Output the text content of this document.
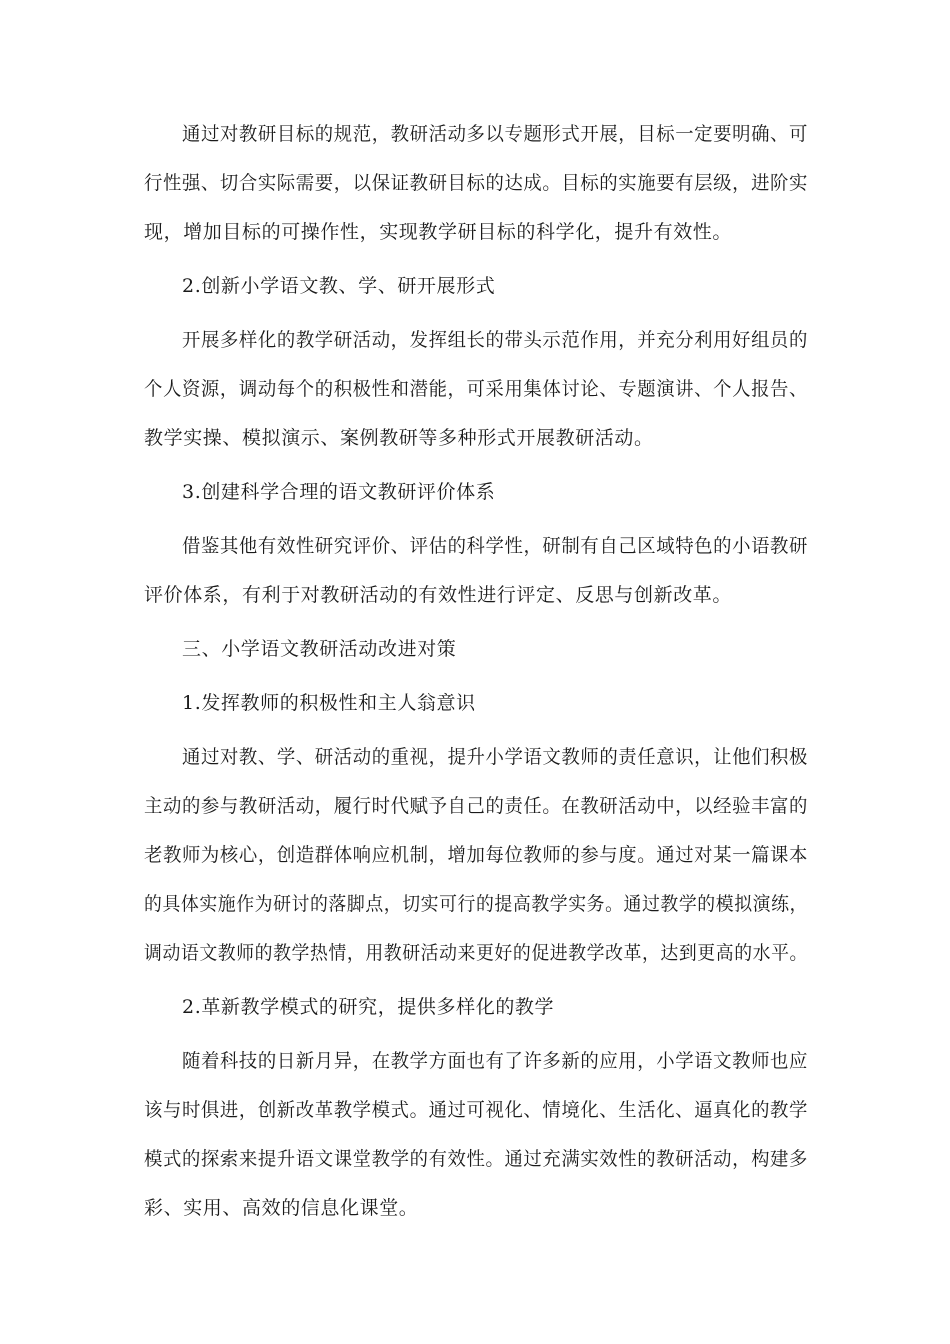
通过对教研目标的规范，教研活动多以专题形式开展，目标一定要明确、可
行性强、切合实际需要，以保证教研目标的达成。目标的实施要有层级，进阶实
现，增加目标的可操作性，实现教学研目标的科学化，提升有效性。
2.创新小学语文教、学、研开展形式
开展多样化的教学研活动，发挥组长的带头示范作用，并充分利用好组员的
个人资源，调动每个的积极性和潜能，可采用集体讨论、专题演讲、个人报告、
教学实操、模拟演示、案例教研等多种形式开展教研活动。
3.创建科学合理的语文教研评价体系
借鉴其他有效性研究评价、评估的科学性，研制有自己区域特色的小语教研
评价体系，有利于对教研活动的有效性进行评定、反思与创新改革。
三、小学语文教研活动改进对策
1.发挥教师的积极性和主人翁意识
通过对教、学、研活动的重视，提升小学语文教师的责任意识，让他们积极
主动的参与教研活动，履行时代赋予自己的责任。在教研活动中，以经验丰富的
老教师为核心，创造群体响应机制，增加每位教师的参与度。通过对某一篇课本
的具体实施作为研讨的落脚点，切实可行的提高教学实务。通过教学的模拟演练，
调动语文教师的教学热情，用教研活动来更好的促进教学改革，达到更高的水平。
2.革新教学模式的研究，提供多样化的教学
随着科技的日新月异，在教学方面也有了许多新的应用，小学语文教师也应
该与时俱进，创新改革教学模式。通过可视化、情境化、生活化、逼真化的教学
模式的探索来提升语文课堂教学的有效性。通过充满实效性的教研活动，构建多
彩、实用、高效的信息化课堂。
